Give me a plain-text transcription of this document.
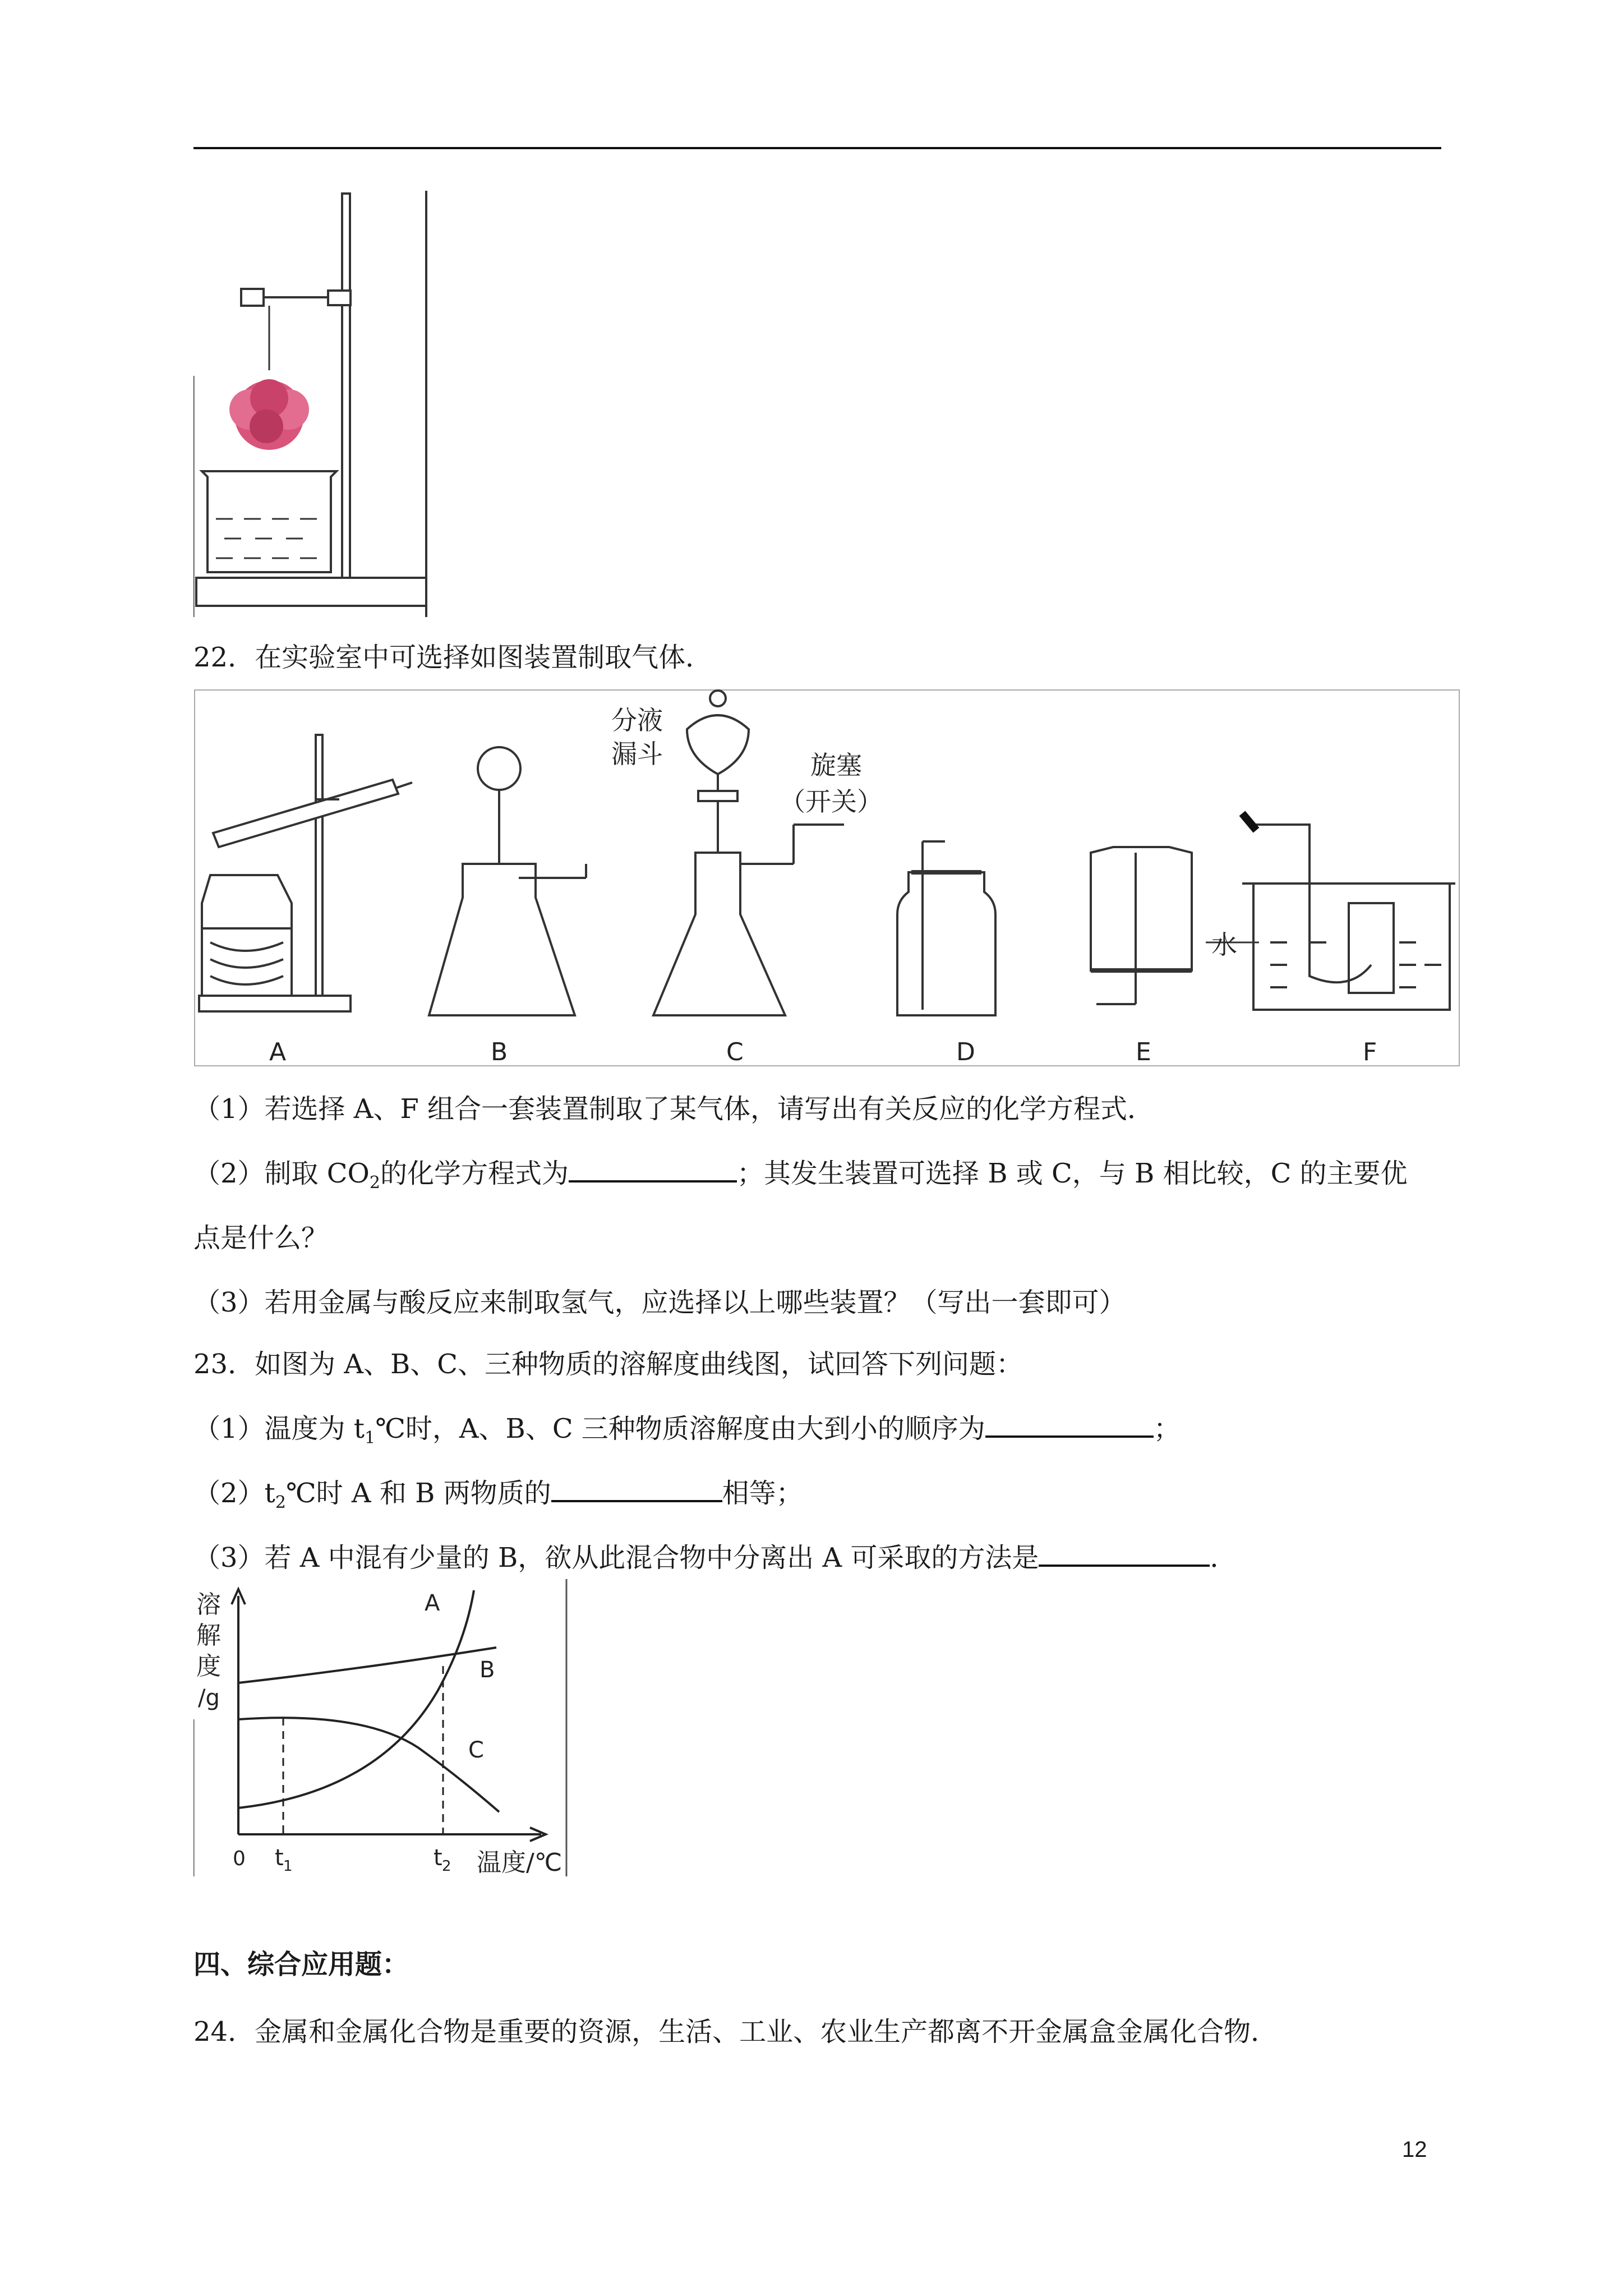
22．在实验室中可选择如图装置制取气体．
分液
漏斗	旋塞
（开关）
水
A	B	C	D	E	F
（1）若选择 A、F 组合一套装置制取了某气体，请写出有关反应的化学方程式．
（2）制取 $CO_2$的化学方程式为	；其发生装置可选择 B 或 C，与 B 相比较，C 的主要优
点是什么？
（3）若用金属与酸反应来制取氢气，应选择以上哪些装置？（写出一套即可）
23．如图为 A、B、C、三种物质的溶解度曲线图，试回答下列问题：
（1）温度为 $t_1℃$时，A、B、C 三种物质溶解度由大到小的顺序为	；
$(2)t_2℃$时 A 和 B 两物质的	相等；
（3）若 A 中混有少量的 B，欲从此混合物中分离出 A 可采取的方法是	．
溶
解
度
/g
A
B
C
0 t 1	t 2 温度/℃
四、综合应用题：
24．金属和金属化合物是重要的资源，生活、工业、农业生产都离不开金属盒金属化合物．
12
